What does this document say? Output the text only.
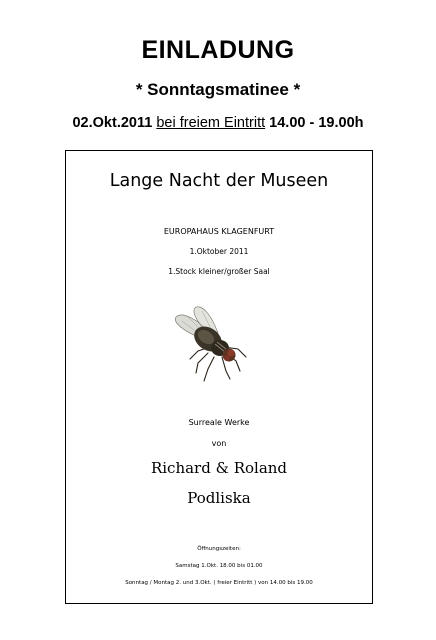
EINLADUNG
* Sonntagsmatinee *
02.Okt.2011 bei freiem Eintritt 14.00 - 19.00h
Lange Nacht der Museen
EUROPAHAUS KLAGENFURT
1.Oktober 2011
1.Stock kleiner/großer Saal
Surreale Werke
von
Richard & Roland
Podliska
Öffnungszeiten:
Samstag 1.Okt. 18.00 bis 01.00
Sonntag / Montag 2. und 3.Okt. ( freier Eintritt ) von 14.00 bis 19.00
